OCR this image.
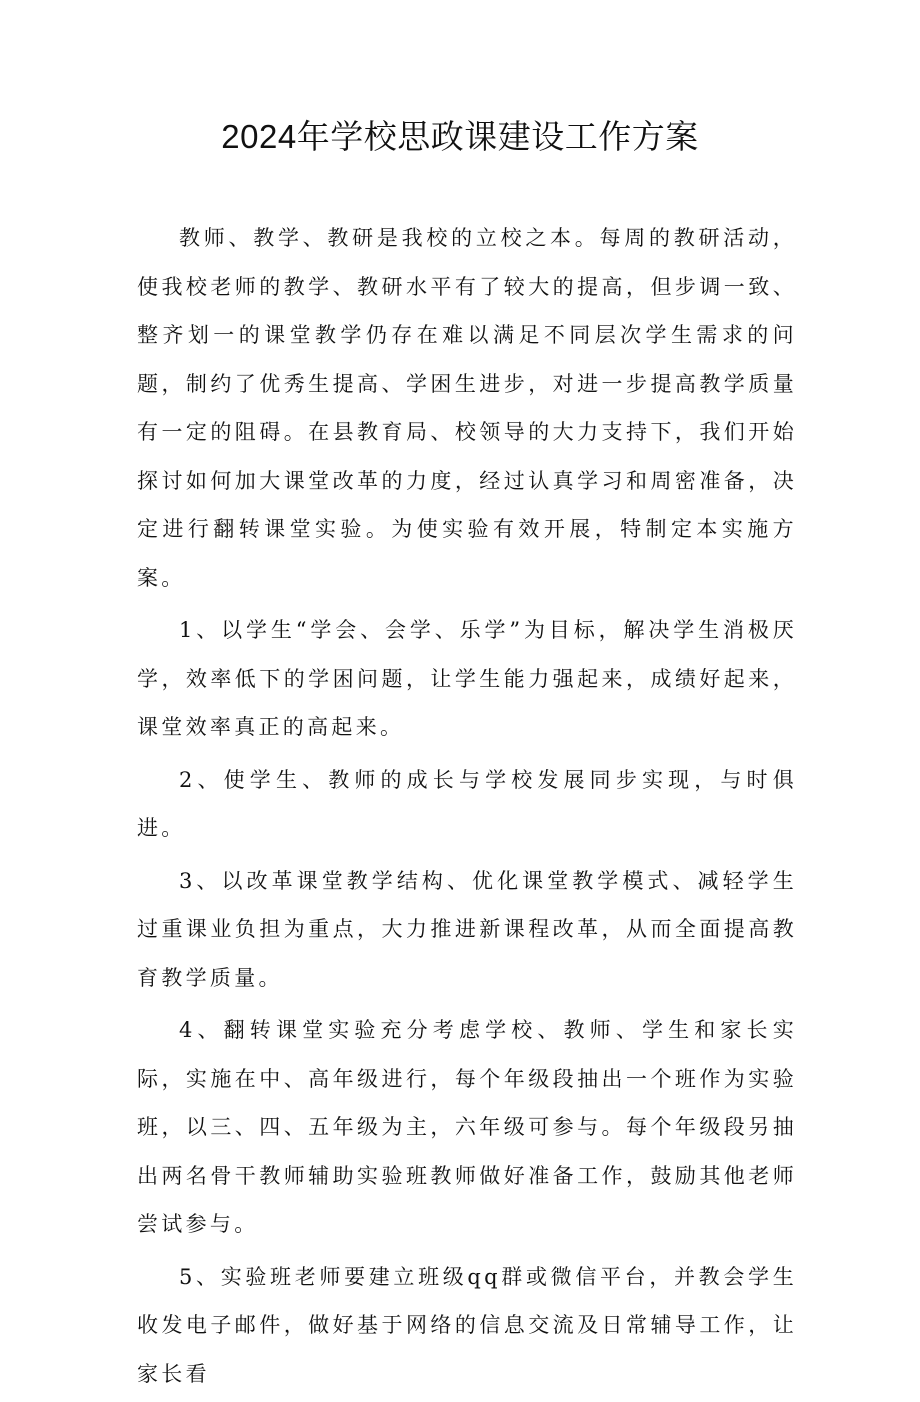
2024年学校思政课建设工作方案

教师、教学、教研是我校的立校之本。每周的教研活动，使我校老师的教学、教研水平有了较大的提高，但步调一致、整齐划一的课堂教学仍存在难以满足不同层次学生需求的问题，制约了优秀生提高、学困生进步，对进一步提高教学质量有一定的阻碍。在县教育局、校领导的大力支持下，我们开始探讨如何加大课堂改革的力度，经过认真学习和周密准备，决定进行翻转课堂实验。为使实验有效开展，特制定本实施方案。

1、以学生“学会、会学、乐学”为目标，解决学生消极厌学，效率低下的学困问题，让学生能力强起来，成绩好起来，课堂效率真正的高起来。

2、使学生、教师的成长与学校发展同步实现，与时俱进。

3、以改革课堂教学结构、优化课堂教学模式、减轻学生过重课业负担为重点，大力推进新课程改革，从而全面提高教育教学质量。

4、翻转课堂实验充分考虑学校、教师、学生和家长实际，实施在中、高年级进行，每个年级段抽出一个班作为实验班，以三、四、五年级为主，六年级可参与。每个年级段另抽出两名骨干教师辅助实验班教师做好准备工作，鼓励其他老师尝试参与。

5、实验班老师要建立班级qq群或微信平台，并教会学生收发电子邮件，做好基于网络的信息交流及日常辅导工作，让家长看
